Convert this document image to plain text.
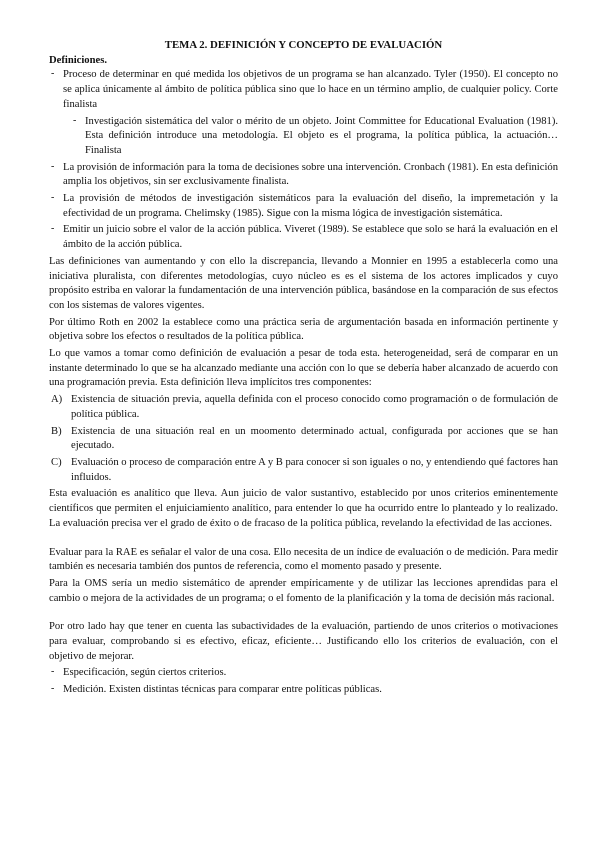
TEMA 2. DEFINICIÓN Y CONCEPTO DE EVALUACIÓN
Definiciones.
- Proceso de determinar en qué medida los objetivos de un programa se han alcanzado. Tyler (1950). El concepto no se aplica únicamente al ámbito de política pública sino que lo hace en un término amplio, de cualquier policy. Corte finalista
- Investigación sistemática del valor o mérito de un objeto. Joint Committee for Educational Evaluation (1981). Esta definición introduce una metodología. El objeto es el programa, la política pública, la actuación… Finalista
- La provisión de información para la toma de decisiones sobre una intervención. Cronbach (1981). En esta definición amplia los objetivos, sin ser exclusivamente finalista.
- La provisión de métodos de investigación sistemáticos para la evaluación del diseño, la impremetación y la efectividad de un programa. Chelimsky (1985). Sigue con la misma lógica de investigación sistemática.
- Emitir un juicio sobre el valor de la acción pública. Viveret (1989). Se establece que solo se hará la evaluación en el ámbito de la acción pública.

Las definiciones van aumentando y con ello la discrepancia, llevando a Monnier en 1995 a establecerla como una iniciativa pluralista, con diferentes metodologías, cuyo núcleo es es el sistema de los actores implicados y cuyo propósito estriba en valorar la fundamentación de una intervención pública, basándose en la comparación de sus efectos con los sistemas de valores vigentes.

Por último Roth en 2002 la establece como una práctica seria de argumentación basada en información pertinente y objetiva sobre los efectos o resultados de la política pública.

Lo que vamos a tomar como definición de evaluación a pesar de toda esta. heterogeneidad, será de comparar en un instante determinado lo que se ha alcanzado mediante una acción con lo que se debería haber alcanzado de acuerdo con una programación previa. Esta definición lleva implícitos tres componentes:

A) Existencia de situación previa, aquella definida con el proceso conocido como programación o de formulación de política pública.
B) Existencia de una situación real en un moomento determinado actual, configurada por acciones que se han ejecutado.
C) Evaluación o proceso de comparación entre A y B para conocer si son iguales o no, y entendiendo qué factores han influidos.

Esta evaluación es analítico que lleva. Aun juicio de valor sustantivo, establecido por unos criterios eminentemente científicos que permiten el enjuiciamiento analítico, para entender lo que ha ocurrido entre lo planteado y lo realizado. La evaluación precisa ver el grado de éxito o de fracaso de la política pública, revelando la efectividad de las acciones.

Evaluar para la RAE es señalar el valor de una cosa. Ello necesita de un índice de evaluación o de medición. Para medir también es necesaria también dos puntos de referencia, como el momento pasado y presente.

Para la OMS sería un medio sistemático de aprender empíricamente y de utilizar las lecciones aprendidas para el cambio o mejora de la actividades de un programa; o el fomento de la planificación y la toma de decisión más racional.

Por otro lado hay que tener en cuenta las subactividades de la evaluación, partiendo de unos criterios o motivaciones para evaluar, comprobando si es efectivo, eficaz, eficiente… Justificando ello los criterios de evaluación, con el objetivo de mejorar.

- Especificación, según ciertos criterios.
- Medición. Existen distintas técnicas para comparar entre políticas públicas.
